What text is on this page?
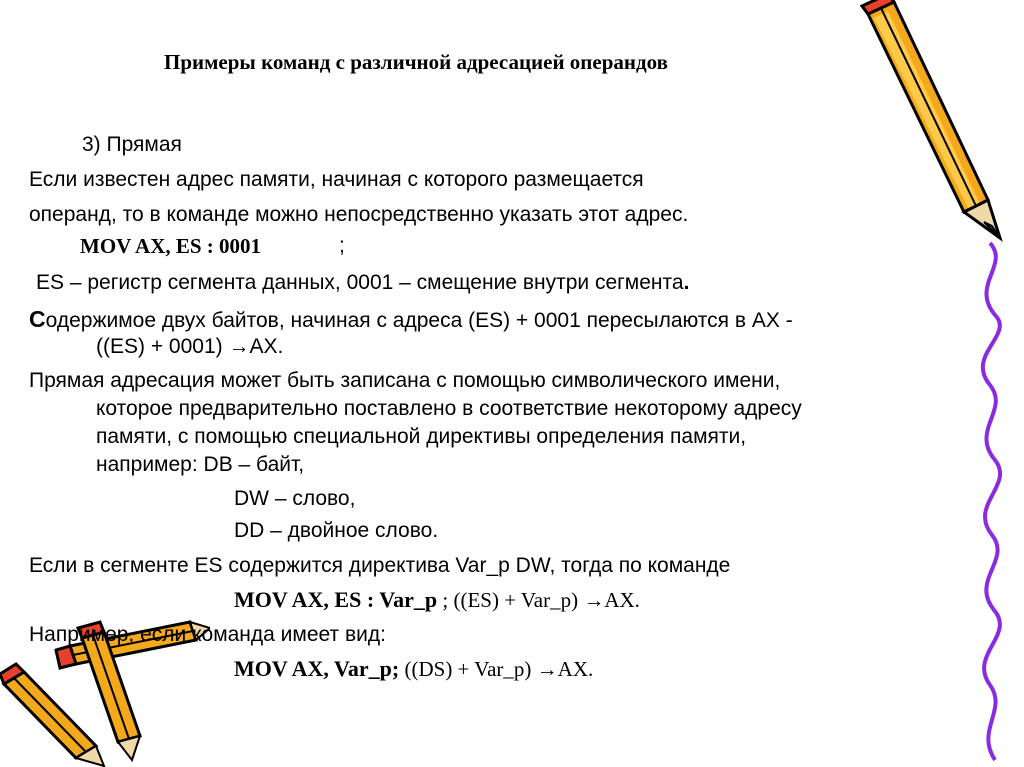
Примеры команд с различной адресацией операндов
3) Прямая
Если известен адрес памяти, начиная с которого размещается
операнд, то в команде можно непосредственно указать этот адрес.
MOV AX, ES : 0001	;
ES – регистр сегмента данных, 0001 – смещение внутри сегмента.
Содержимое двух байтов, начиная с адреса (ES) + 0001 пересылаются в AX -
((ES) + 0001) →AX.
Прямая адресация может быть записана с помощью символического имени,
которое предварительно поставлено в соответствие некоторому адресу
памяти, с помощью специальной директивы определения памяти,
например: DB – байт,
DW – слово,
DD – двойное слово.
Если в сегменте ES содержится директива Var_p DW, тогда по команде
MOV AX, ES : Var_p ; ((ES) + Var_p) →AX.
Например, если команда имеет вид:
MOV AX, Var_p; ((DS) + Var_p) →AX.
